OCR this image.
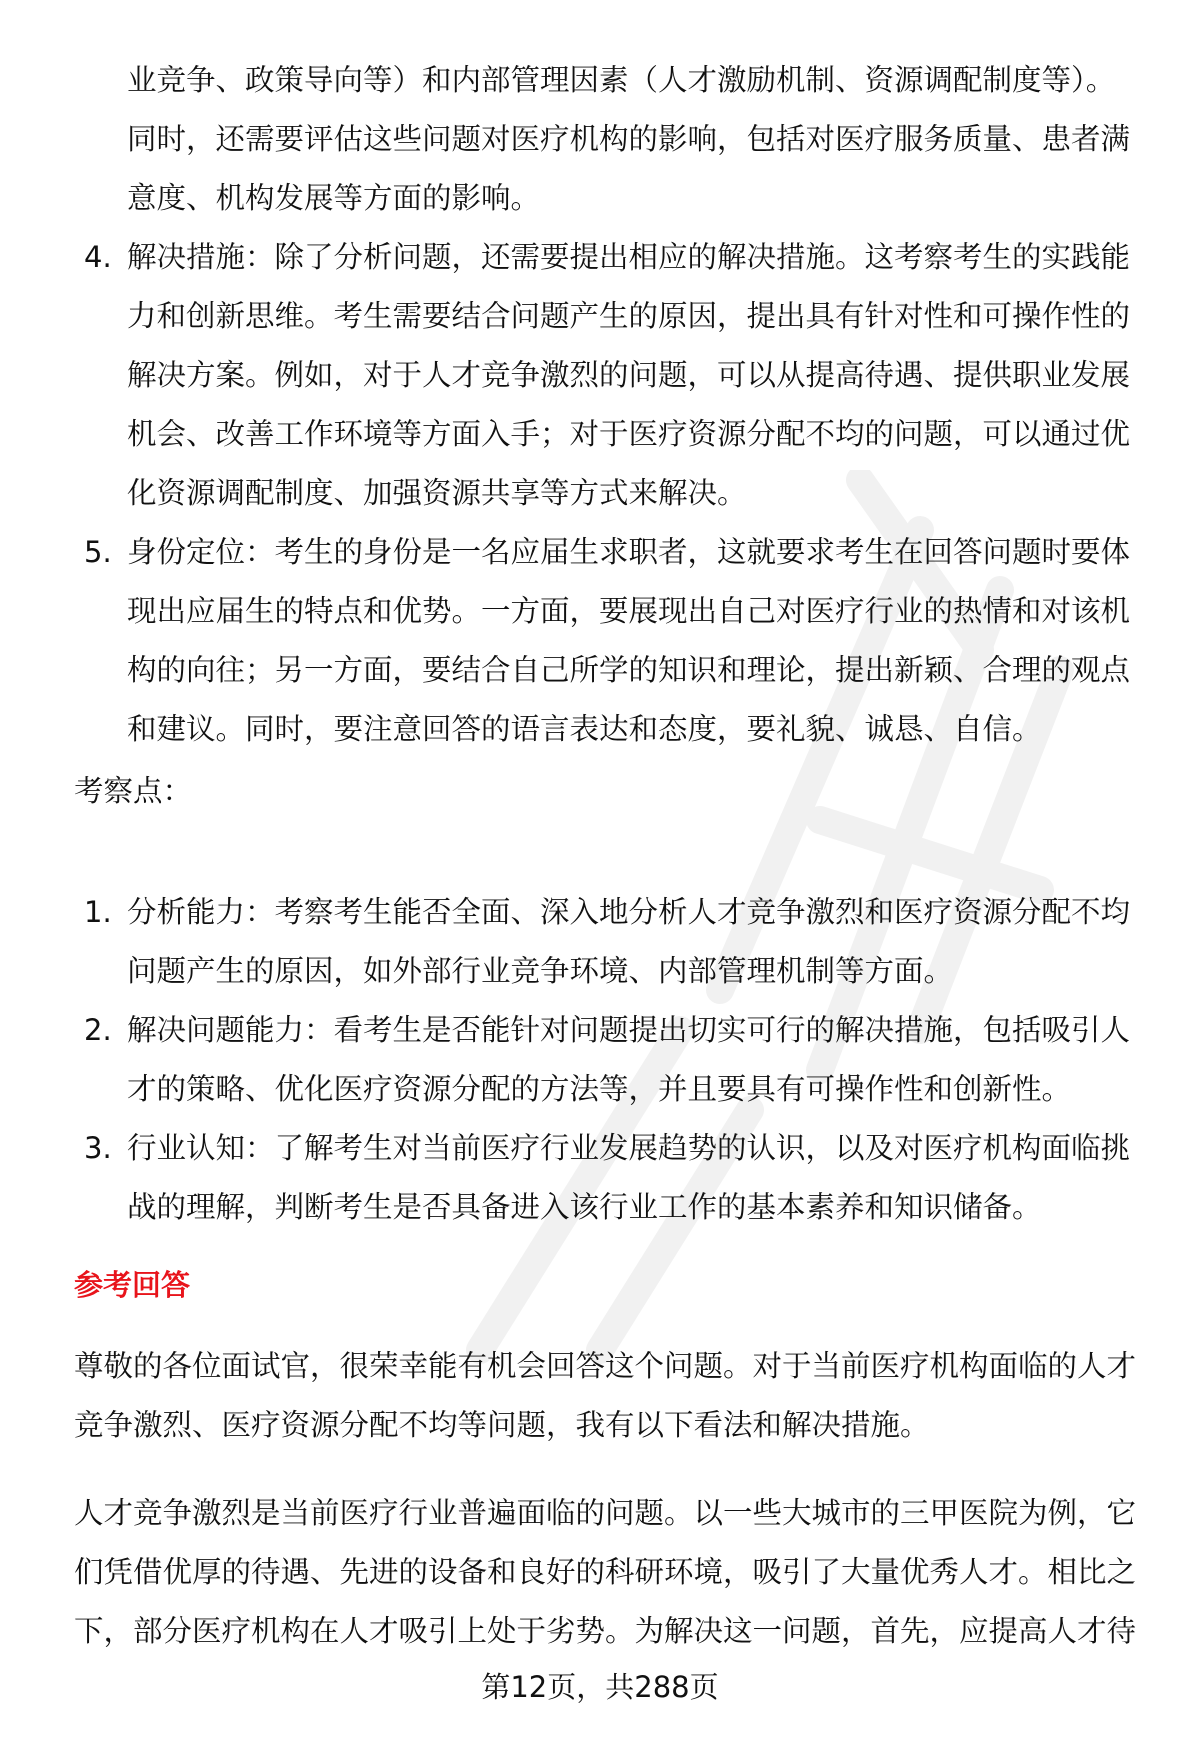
业竞争、政策导向等）和内部管理因素（人才激励机制、资源调配制度等）。
同时，还需要评估这些问题对医疗机构的影响，包括对医疗服务质量、患者满
意度、机构发展等方面的影响。
4. 解决措施：除了分析问题，还需要提出相应的解决措施。这考察考生的实践能
力和创新思维。考生需要结合问题产生的原因，提出具有针对性和可操作性的
解决方案。例如，对于人才竞争激烈的问题，可以从提高待遇、提供职业发展
机会、改善工作环境等方面入手；对于医疗资源分配不均的问题，可以通过优
化资源调配制度、加强资源共享等方式来解决。
5. 身份定位：考生的身份是一名应届生求职者，这就要求考生在回答问题时要体
现出应届生的特点和优势。一方面，要展现出自己对医疗行业的热情和对该机
构的向往；另一方面，要结合自己所学的知识和理论，提出新颖、合理的观点
和建议。同时，要注意回答的语言表达和态度，要礼貌、诚恳、自信。
考察点：
1. 分析能力：考察考生能否全面、深入地分析人才竞争激烈和医疗资源分配不均
问题产生的原因，如外部行业竞争环境、内部管理机制等方面。
2. 解决问题能力：看考生是否能针对问题提出切实可行的解决措施，包括吸引人
才的策略、优化医疗资源分配的方法等，并且要具有可操作性和创新性。
3. 行业认知：了解考生对当前医疗行业发展趋势的认识，以及对医疗机构面临挑
战的理解，判断考生是否具备进入该行业工作的基本素养和知识储备。
参考回答
尊敬的各位面试官，很荣幸能有机会回答这个问题。对于当前医疗机构面临的人才
竞争激烈、医疗资源分配不均等问题，我有以下看法和解决措施。
人才竞争激烈是当前医疗行业普遍面临的问题。以一些大城市的三甲医院为例，它
们凭借优厚的待遇、先进的设备和良好的科研环境，吸引了大量优秀人才。相比之
下，部分医疗机构在人才吸引上处于劣势。为解决这一问题，首先，应提高人才待
第12页，共288页
